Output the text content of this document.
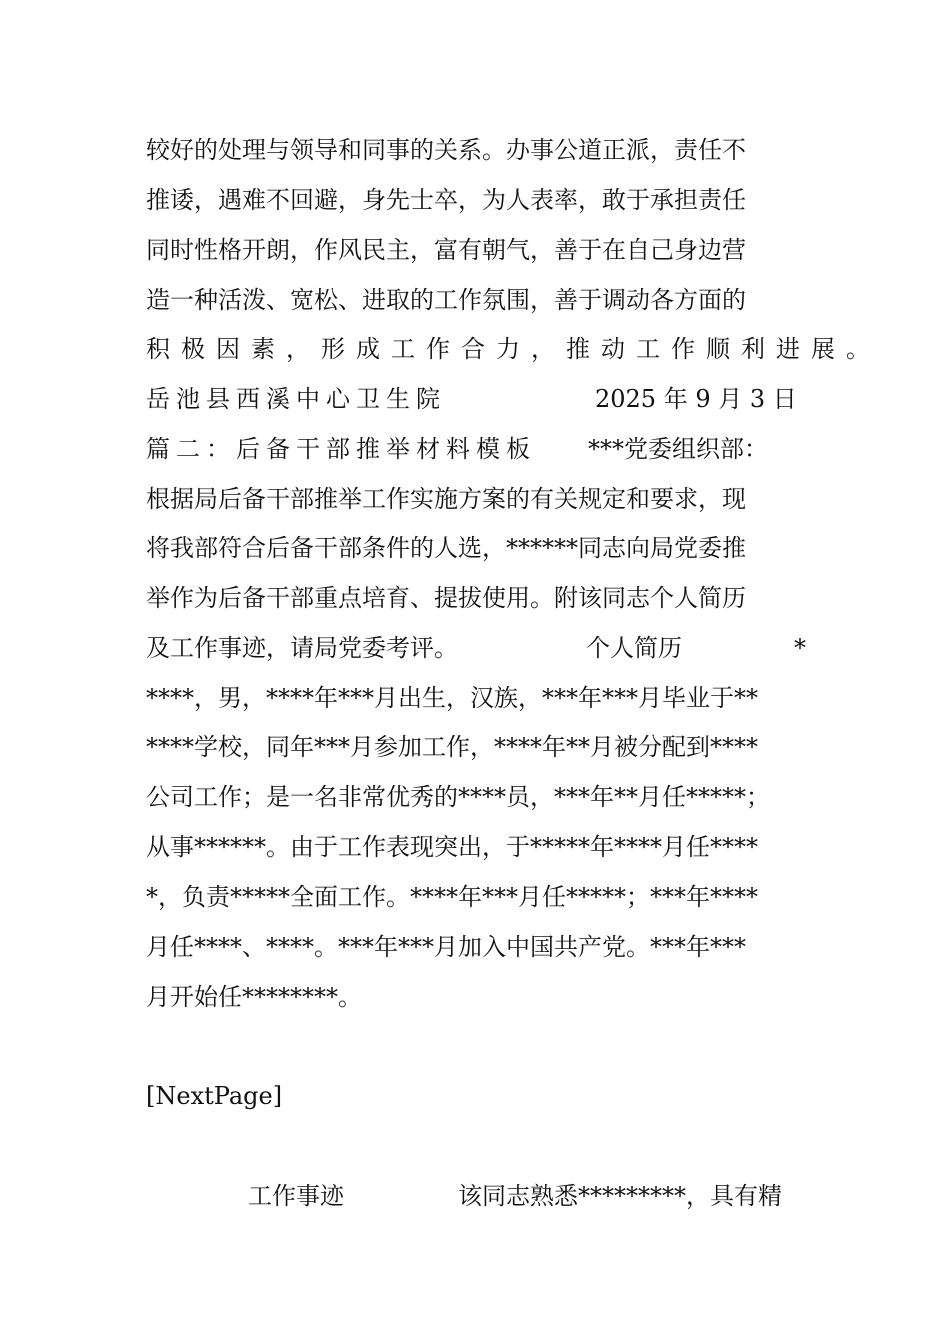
较好的处理与领导和同事的关系。办事公道正派，责任不
推诿，遇难不回避，身先士卒，为人表率，敢于承担责任
同时性格开朗，作风民主，富有朝气，善于在自己身边营
造一种活泼、宽松、进取的工作氛围，善于调动各方面的
积极因素，形成工作合力，推动工作顺利进展。
岳池县西溪中心卫生院	2025 年 9 月 3 日
篇二：后备干部推举材料模板 ***党委组织部：
根据局后备干部推举工作实施方案的有关规定和要求，现
将我部符合后备干部条件的人选，******同志向局党委推
举作为后备干部重点培育、提拔使用。附该同志个人简历
及工作事迹，请局党委考评。	个人简历	*
****，男，****年***月出生，汉族，***年***月毕业于**
****学校，同年***月参加工作，****年**月被分配到****
公司工作；是一名非常优秀的****员，***年**月任*****；
从事******。由于工作表现突出，于*****年****月任****
*，负责*****全面工作。****年***月任*****；***年****
月任****、****。***年***月加入中国共产党。***年***
月开始任********。
[NextPage]
工作事迹	该同志熟悉*********，具有精
